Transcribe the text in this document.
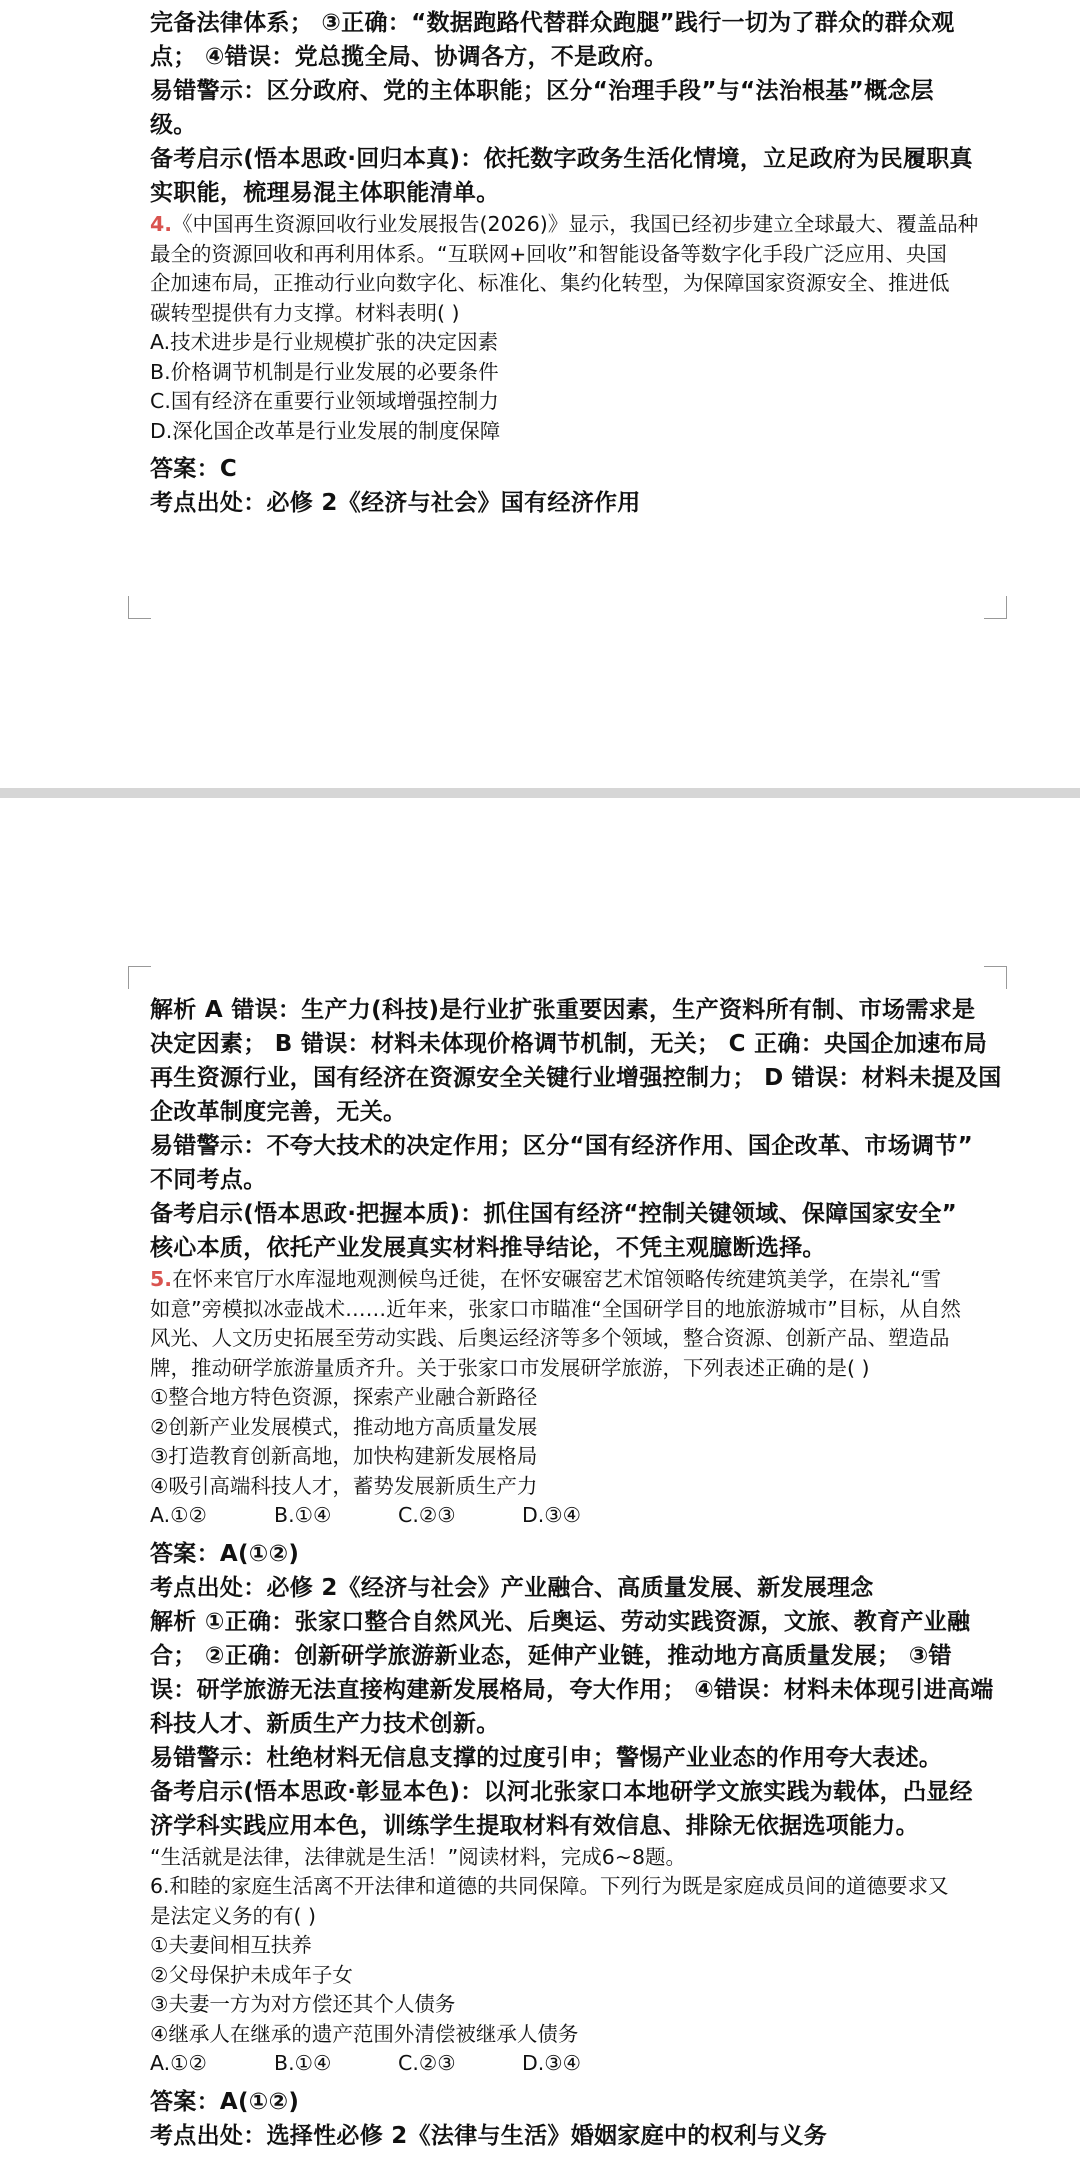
完备法律体系； ③正确：“数据跑路代替群众跑腿”践行一切为了群众的群众观
点； ④错误：党总揽全局、协调各方，不是政府。
易错警示：区分政府、党的主体职能；区分“治理手段”与“法治根基”概念层
级。
备考启示(悟本思政·回归本真)：依托数字政务生活化情境，立足政府为民履职真
实职能，梳理易混主体职能清单。
4.《中国再生资源回收行业发展报告(2026)》显示，我国已经初步建立全球最大、覆盖品种
最全的资源回收和再利用体系。“互联网+回收”和智能设备等数字化手段广泛应用、央国
企加速布局，正推动行业向数字化、标准化、集约化转型，为保障国家资源安全、推进低
碳转型提供有力支撑。材料表明( )
A.技术进步是行业规模扩张的决定因素
B.价格调节机制是行业发展的必要条件
C.国有经济在重要行业领域增强控制力
D.深化国企改革是行业发展的制度保障
答案：C
考点出处：必修 2《经济与社会》国有经济作用
解析 A 错误：生产力(科技)是行业扩张重要因素，生产资料所有制、市场需求是
决定因素； B 错误：材料未体现价格调节机制，无关； C 正确：央国企加速布局
再生资源行业，国有经济在资源安全关键行业增强控制力； D 错误：材料未提及国
企改革制度完善，无关。
易错警示：不夸大技术的决定作用；区分“国有经济作用、国企改革、市场调节”
不同考点。
备考启示(悟本思政·把握本质)：抓住国有经济“控制关键领域、保障国家安全”
核心本质，依托产业发展真实材料推导结论，不凭主观臆断选择。
5.在怀来官厅水库湿地观测候鸟迁徙，在怀安碾窑艺术馆领略传统建筑美学，在崇礼“雪
如意”旁模拟冰壶战术……近年来，张家口市瞄准“全国研学目的地旅游城市”目标，从自然
风光、人文历史拓展至劳动实践、后奥运经济等多个领域，整合资源、创新产品、塑造品
牌，推动研学旅游量质齐升。关于张家口市发展研学旅游，下列表述正确的是( )
①整合地方特色资源，探索产业融合新路径
②创新产业发展模式，推动地方高质量发展
③打造教育创新高地，加快构建新发展格局
④吸引高端科技人才，蓄势发展新质生产力
A.①②	B.①④	C.②③	D.③④
答案：A(①②)
考点出处：必修 2《经济与社会》产业融合、高质量发展、新发展理念
解析 ①正确：张家口整合自然风光、后奥运、劳动实践资源，文旅、教育产业融
合； ②正确：创新研学旅游新业态，延伸产业链，推动地方高质量发展； ③错
误：研学旅游无法直接构建新发展格局，夸大作用； ④错误：材料未体现引进高端
科技人才、新质生产力技术创新。
易错警示：杜绝材料无信息支撑的过度引申；警惕产业业态的作用夸大表述。
备考启示(悟本思政·彰显本色)：以河北张家口本地研学文旅实践为载体，凸显经
济学科实践应用本色，训练学生提取材料有效信息、排除无依据选项能力。
“生活就是法律，法律就是生活！”阅读材料，完成6~8题。
6.和睦的家庭生活离不开法律和道德的共同保障。下列行为既是家庭成员间的道德要求又
是法定义务的有( )
①夫妻间相互扶养
②父母保护未成年子女
③夫妻一方为对方偿还其个人债务
④继承人在继承的遗产范围外清偿被继承人债务
A.①②	B.①④	C.②③	D.③④
答案：A(①②)
考点出处：选择性必修 2《法律与生活》婚姻家庭中的权利与义务
